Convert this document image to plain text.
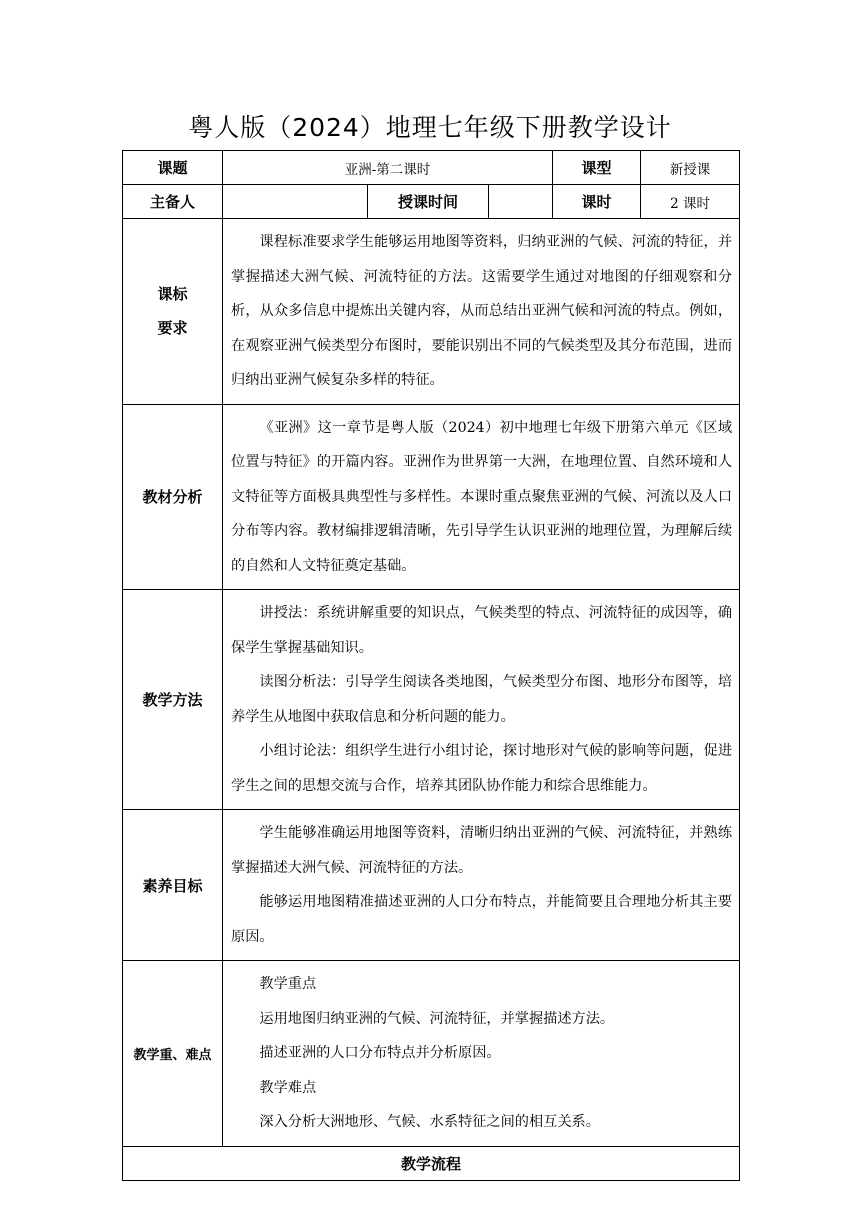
粤人版（2024）地理七年级下册教学设计
课题	亚洲-第二课时			课型	新授课
主备人		授课时间		课时	2 课时

课标
要求	课程标准要求学生能够运用地图等资料，归纳亚洲的气候、河流的特征，并掌握描述大洲气候、河流特征的方法。这需要学生通过对地图的仔细观察和分析，从众多信息中提炼出关键内容，从而总结出亚洲气候和河流的特点。例如，在观察亚洲气候类型分布图时，要能识别出不同的气候类型及其分布范围，进而归纳出亚洲气候复杂多样的特征。				

教材分析	《亚洲》这一章节是粤人版（2024）初中地理七年级下册第六单元《区域位置与特征》的开篇内容。亚洲作为世界第一大洲，在地理位置、自然环境和人文特征等方面极具典型性与多样性。本课时重点聚焦亚洲的气候、河流以及人口分布等内容。教材编排逻辑清晰，先引导学生认识亚洲的地理位置，为理解后续的自然和人文特征奠定基础。				

教学方法	讲授法：系统讲解重要的知识点，气候类型的特点、河流特征的成因等，确保学生掌握基础知识。

读图分析法：引导学生阅读各类地图，气候类型分布图、地形分布图等，培养学生从地图中获取信息和分析问题的能力。

小组讨论法：组织学生进行小组讨论，探讨地形对气候的影响等问题，促进学生之间的思想交流与合作，培养其团队协作能力和综合思维能力。				

素养目标	学生能够准确运用地图等资料，清晰归纳出亚洲的气候、河流特征，并熟练掌握描述大洲气候、河流特征的方法。

能够运用地图精准描述亚洲的人口分布特点，并能简要且合理地分析其主要原因。				

教学重、难点	教学重点

运用地图归纳亚洲的气候、河流特征，并掌握描述方法。

描述亚洲的人口分布特点并分析原因。

教学难点

深入分析大洲地形、气候、水系特征之间的相互关系。				

教学流程					
